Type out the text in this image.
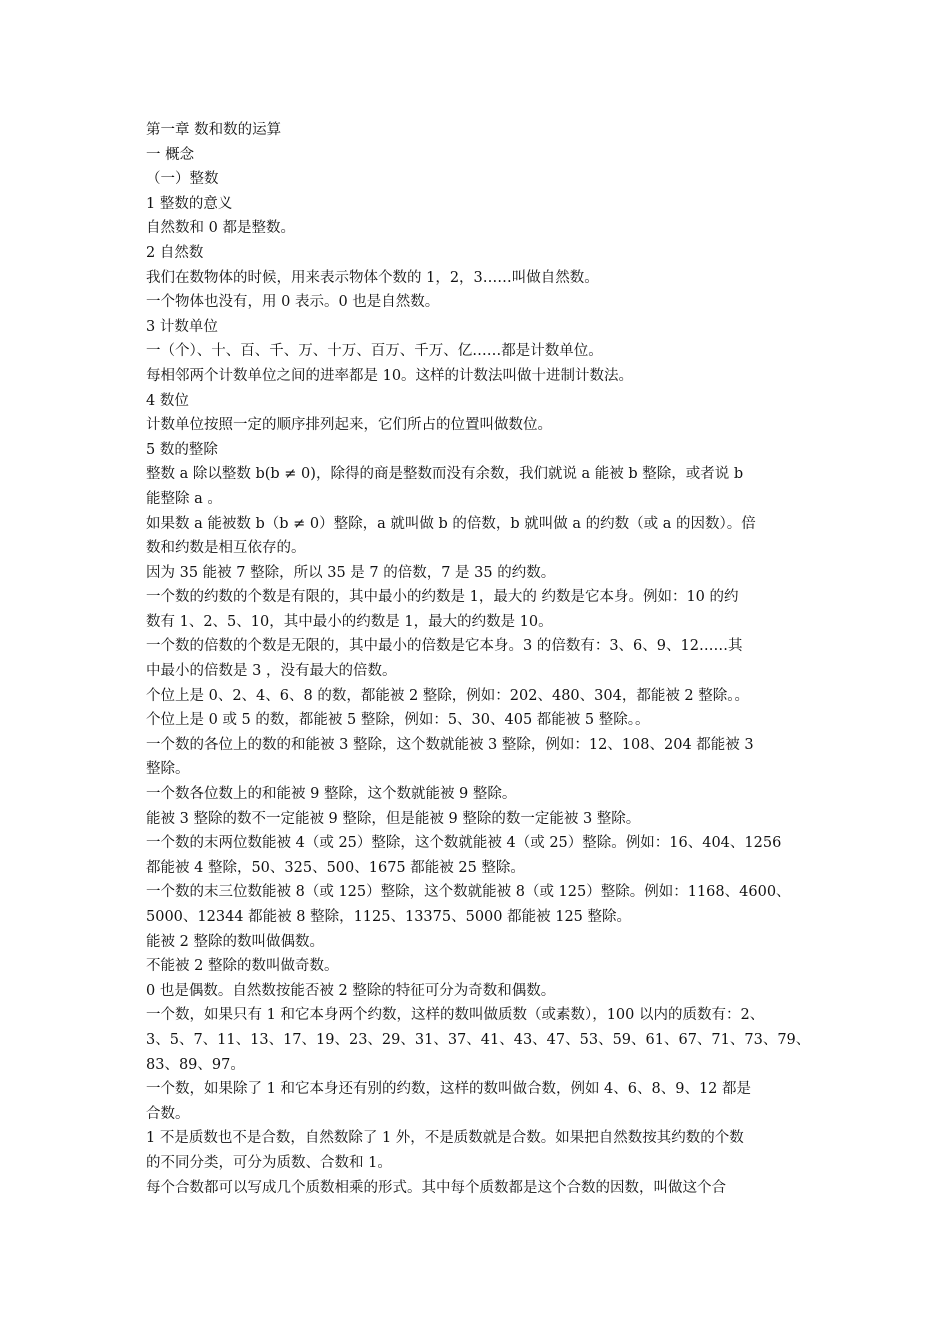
第一章 数和数的运算
一 概念
（一）整数
1 整数的意义
自然数和 0 都是整数。
2 自然数
我们在数物体的时候，用来表示物体个数的 1，2，3……叫做自然数。
一个物体也没有，用 0 表示。0 也是自然数。
3 计数单位
一（个）、十、百、千、万、十万、百万、千万、亿……都是计数单位。
每相邻两个计数单位之间的进率都是 10。这样的计数法叫做十进制计数法。
4 数位
计数单位按照一定的顺序排列起来，它们所占的位置叫做数位。
5 数的整除
整数 a 除以整数 b(b ≠ 0)，除得的商是整数而没有余数，我们就说 a 能被 b 整除，或者说 b
能整除 a 。
如果数 a 能被数 b（b ≠ 0）整除，a 就叫做 b 的倍数，b 就叫做 a 的约数（或 a 的因数）。倍
数和约数是相互依存的。
因为 35 能被 7 整除，所以 35 是 7 的倍数，7 是 35 的约数。
一个数的约数的个数是有限的，其中最小的约数是 1，最大的 约数是它本身。例如：10 的约
数有 1、2、5、10，其中最小的约数是 1，最大的约数是 10。
一个数的倍数的个数是无限的，其中最小的倍数是它本身。3 的倍数有：3、6、9、12……其
中最小的倍数是 3 ，没有最大的倍数。
个位上是 0、2、4、6、8 的数，都能被 2 整除，例如：202、480、304，都能被 2 整除。。
个位上是 0 或 5 的数，都能被 5 整除，例如：5、30、405 都能被 5 整除。。
一个数的各位上的数的和能被 3 整除，这个数就能被 3 整除，例如：12、108、204 都能被 3
整除。
一个数各位数上的和能被 9 整除，这个数就能被 9 整除。
能被 3 整除的数不一定能被 9 整除，但是能被 9 整除的数一定能被 3 整除。
一个数的末两位数能被 4（或 25）整除，这个数就能被 4（或 25）整除。例如：16、404、1256
都能被 4 整除，50、325、500、1675 都能被 25 整除。
一个数的末三位数能被 8（或 125）整除，这个数就能被 8（或 125）整除。例如：1168、4600、
5000、12344 都能被 8 整除，1125、13375、5000 都能被 125 整除。
能被 2 整除的数叫做偶数。
不能被 2 整除的数叫做奇数。
0 也是偶数。自然数按能否被 2 整除的特征可分为奇数和偶数。
一个数，如果只有 1 和它本身两个约数，这样的数叫做质数（或素数），100 以内的质数有：2、
3、5、7、11、13、17、19、23、29、31、37、41、43、47、53、59、61、67、71、73、79、
83、89、97。
一个数，如果除了 1 和它本身还有别的约数，这样的数叫做合数，例如 4、6、8、9、12 都是
合数。
1 不是质数也不是合数，自然数除了 1 外，不是质数就是合数。如果把自然数按其约数的个数
的不同分类，可分为质数、合数和 1。
每个合数都可以写成几个质数相乘的形式。其中每个质数都是这个合数的因数，叫做这个合
